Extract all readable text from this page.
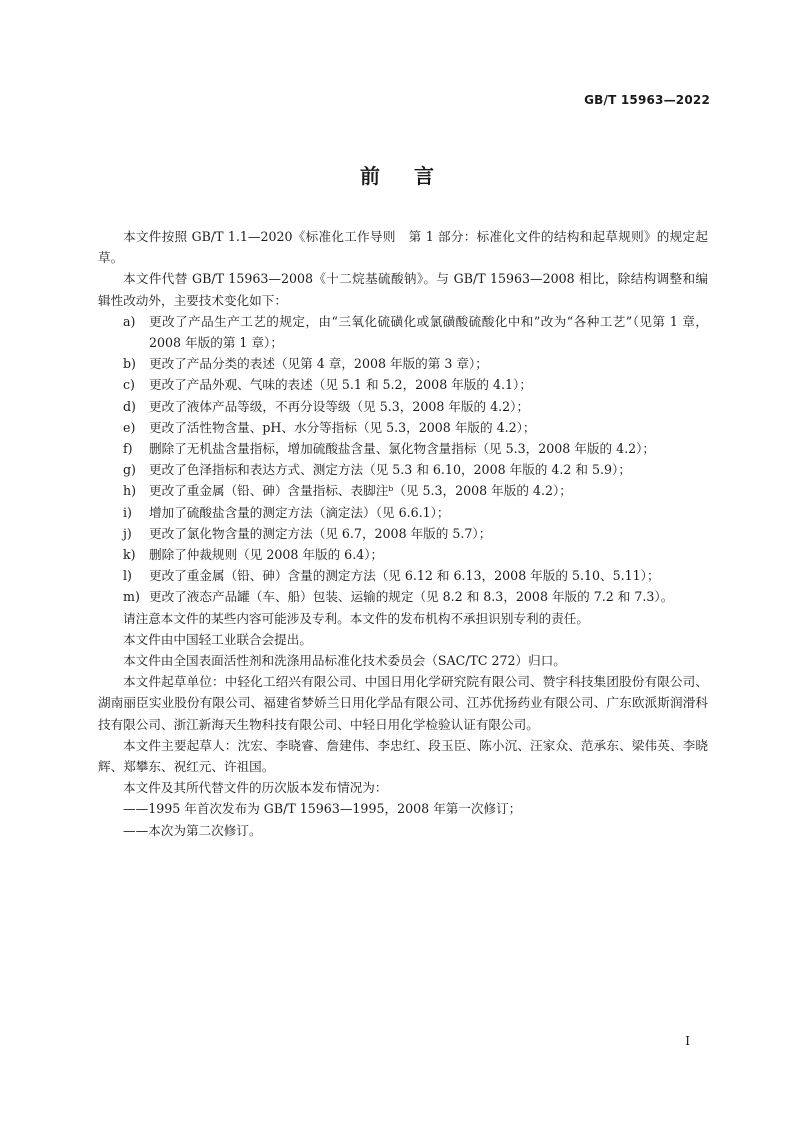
GB/T 15963—2022
前言

本文件按照 GB/T 1.1—2020《标准化工作导则　第 1 部分：标准化文件的结构和起草规则》的规定起草。

本文件代替 GB/T 15963—2008《十二烷基硫酸钠》。与 GB/T 15963—2008 相比，除结构调整和编辑性改动外，主要技术变化如下：

a) 更改了产品生产工艺的规定，由“三氧化硫磺化或氯磺酸硫酸化中和”改为“各种工艺”（见第 1 章，2008 年版的第 1 章）；

b) 更改了产品分类的表述（见第 4 章，2008 年版的第 3 章）；

c) 更改了产品外观、气味的表述（见 5.1 和 5.2，2008 年版的 4.1）；

d) 更改了液体产品等级，不再分设等级（见 5.3，2008 年版的 4.2）；

e) 更改了活性物含量、pH、水分等指标（见 5.3，2008 年版的 4.2）；

f) 删除了无机盐含量指标，增加硫酸盐含量、氯化物含量指标（见 5.3，2008 年版的 4.2）；

g) 更改了色泽指标和表达方式、测定方法（见 5.3 和 6.10，2008 年版的 4.2 和 5.9）；

h) 更改了重金属（铅、砷）含量指标、表脚注ᵇ（见 5.3，2008 年版的 4.2）；

i) 增加了硫酸盐含量的测定方法（滴定法）（见 6.6.1）；

j) 更改了氯化物含量的测定方法（见 6.7，2008 年版的 5.7）；

k) 删除了仲裁规则（见 2008 年版的 6.4）；

l) 更改了重金属（铅、砷）含量的测定方法（见 6.12 和 6.13，2008 年版的 5.10、5.11）；

m) 更改了液态产品罐（车、船）包装、运输的规定（见 8.2 和 8.3，2008 年版的 7.2 和 7.3）。

请注意本文件的某些内容可能涉及专利。本文件的发布机构不承担识别专利的责任。

本文件由中国轻工业联合会提出。

本文件由全国表面活性剂和洗涤用品标准化技术委员会（SAC/TC 272）归口。

本文件起草单位：中轻化工绍兴有限公司、中国日用化学研究院有限公司、赞宇科技集团股份有限公司、湖南丽臣实业股份有限公司、福建省梦娇兰日用化学品有限公司、江苏优扬药业有限公司、广东欧派斯润滑科技有限公司、浙江新海天生物科技有限公司、中轻日用化学检验认证有限公司。

本文件主要起草人：沈宏、李晓睿、詹建伟、李忠红、段玉臣、陈小沉、汪家众、范承东、梁伟英、李晓辉、郑攀东、祝红元、许祖国。

本文件及其所代替文件的历次版本发布情况为：

——1995 年首次发布为 GB/T 15963—1995，2008 年第一次修订；

——本次为第二次修订。

I
